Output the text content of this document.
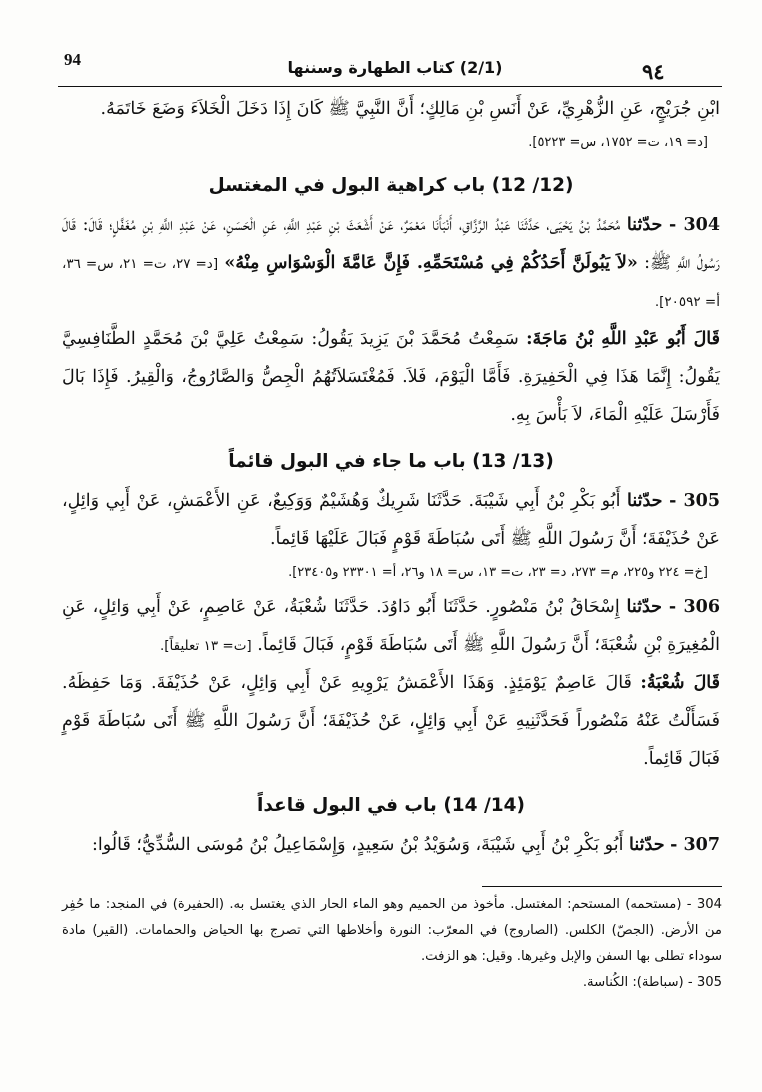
94	(2/1) كتاب الطهارة وسننها	٩٤

ابْنِ جُرَيْجٍ، عَنِ الزُّهْرِيِّ، عَنْ أَنَسِ بْنِ مَالِكٍ؛ أَنَّ النَّبِيَّ ﷺ كَانَ إِذَا دَخَلَ الْخَلاَءَ وَضَعَ خَاتَمَهُ.

[د= ١٩، ت= ١٧٥٢، س= ٥٢٢٣].

(12/ 12) باب كراهية البول في المغتسل

304 - حدّثنا مُحَمَّدُ بْنُ يَحْيَى، حَدَّثَنَا عَبْدُ الرَّزَّاقِ، أَنْبَأَنَا مَعْمَرٌ، عَنْ أَشْعَثَ بْنِ عَبْدِ اللَّهِ، عَنِ الْحَسَنِ، عَنْ عَبْدِ اللَّهِ بْنِ مُغَفَّلٍ؛ قَالَ: قَالَ رَسُولُ اللَّهِ ﷺ: «لاَ يَبُولَنَّ أَحَدُكُمْ فِي مُسْتَحَمِّهِ. فَإِنَّ عَامَّةَ الْوَسْوَاسِ مِنْهُ» [د= ٢٧، ت= ٢١، س= ٣٦، أ= ٢٠٥٩٢].

قَالَ أَبُو عَبْدِ اللَّهِ بْنُ مَاجَةَ: سَمِعْتُ مُحَمَّدَ بْنَ يَزِيدَ يَقُولُ: سَمِعْتُ عَلِيَّ بْنَ مُحَمَّدٍ الطَّنَافِسِيَّ يَقُولُ: إِنَّمَا هَذَا فِي الْحَفِيرَةِ. فَأَمَّا الْيَوْمَ، فَلاَ. فَمُغْتَسَلاَتُهُمُ الْجِصُّ وَالصَّارُوجُ، وَالْقِيرُ. فَإِذَا بَالَ فَأَرْسَلَ عَلَيْهِ الْمَاءَ، لاَ بَأْسَ بِهِ.

(13/ 13) باب ما جاء في البول قائماً

305 - حدّثنا أَبُو بَكْرِ بْنُ أَبِي شَيْبَةَ. حَدَّثَنَا شَرِيكٌ وَهُشَيْمٌ وَوَكِيعٌ، عَنِ الأَعْمَشِ، عَنْ أَبِي وَائِلٍ، عَنْ حُذَيْفَةَ؛ أَنَّ رَسُولَ اللَّهِ ﷺ أَتَى سُبَاطَةَ قَوْمٍ فَبَالَ عَلَيْهَا قَائِماً.

[خ= ٢٢٤ و٢٢٥، م= ٢٧٣، د= ٢٣، ت= ١٣، س= ١٨ و٢٦، أ= ٢٣٣٠١ و٢٣٤٠٥].

306 - حدّثنا إِسْحَاقُ بْنُ مَنْصُورٍ. حَدَّثَنَا أَبُو دَاوُدَ. حَدَّثَنَا شُعْبَةُ، عَنْ عَاصِمٍ، عَنْ أَبِي وَائِلٍ، عَنِ الْمُغِيرَةِ بْنِ شُعْبَةَ؛ أَنَّ رَسُولَ اللَّهِ ﷺ أَتَى سُبَاطَةَ قَوْمٍ، فَبَالَ قَائِماً. [ت= ١٣ تعليقاً].

قَالَ شُعْبَةُ: قَالَ عَاصِمٌ يَوْمَئِذٍ. وَهَذَا الأَعْمَشُ يَرْوِيهِ عَنْ أَبِي وَائِلٍ، عَنْ حُذَيْفَةَ. وَمَا حَفِظَهُ. فَسَأَلْتُ عَنْهُ مَنْصُوراً فَحَدَّثَنِيهِ عَنْ أَبِي وَائِلٍ، عَنْ حُذَيْفَةَ؛ أَنَّ رَسُولَ اللَّهِ ﷺ أَتَى سُبَاطَةَ قَوْمٍ فَبَالَ قَائِماً.

(14/ 14) باب في البول قاعداً

307 - حدّثنا أَبُو بَكْرِ بْنُ أَبِي شَيْبَةَ، وَسُوَيْدُ بْنُ سَعِيدٍ، وَإِسْمَاعِيلُ بْنُ مُوسَى السُّدِّيُّ؛ قَالُوا:

304 - (مستحمه) المستحم: المغتسل. مأخوذ من الحميم وهو الماء الحار الذي يغتسل به. (الحفيرة) في المنجد: ما حُفِر من الأرض. (الجصّ) الكلس. (الصاروج) في المعرّب: النورة وأخلاطها التي تصرج بها الحياض والحمامات. (القير) مادة سوداء تطلى بها السفن والإبل وغيرها. وقيل: هو الزفت.

305 - (سباطة): الكُناسة.
